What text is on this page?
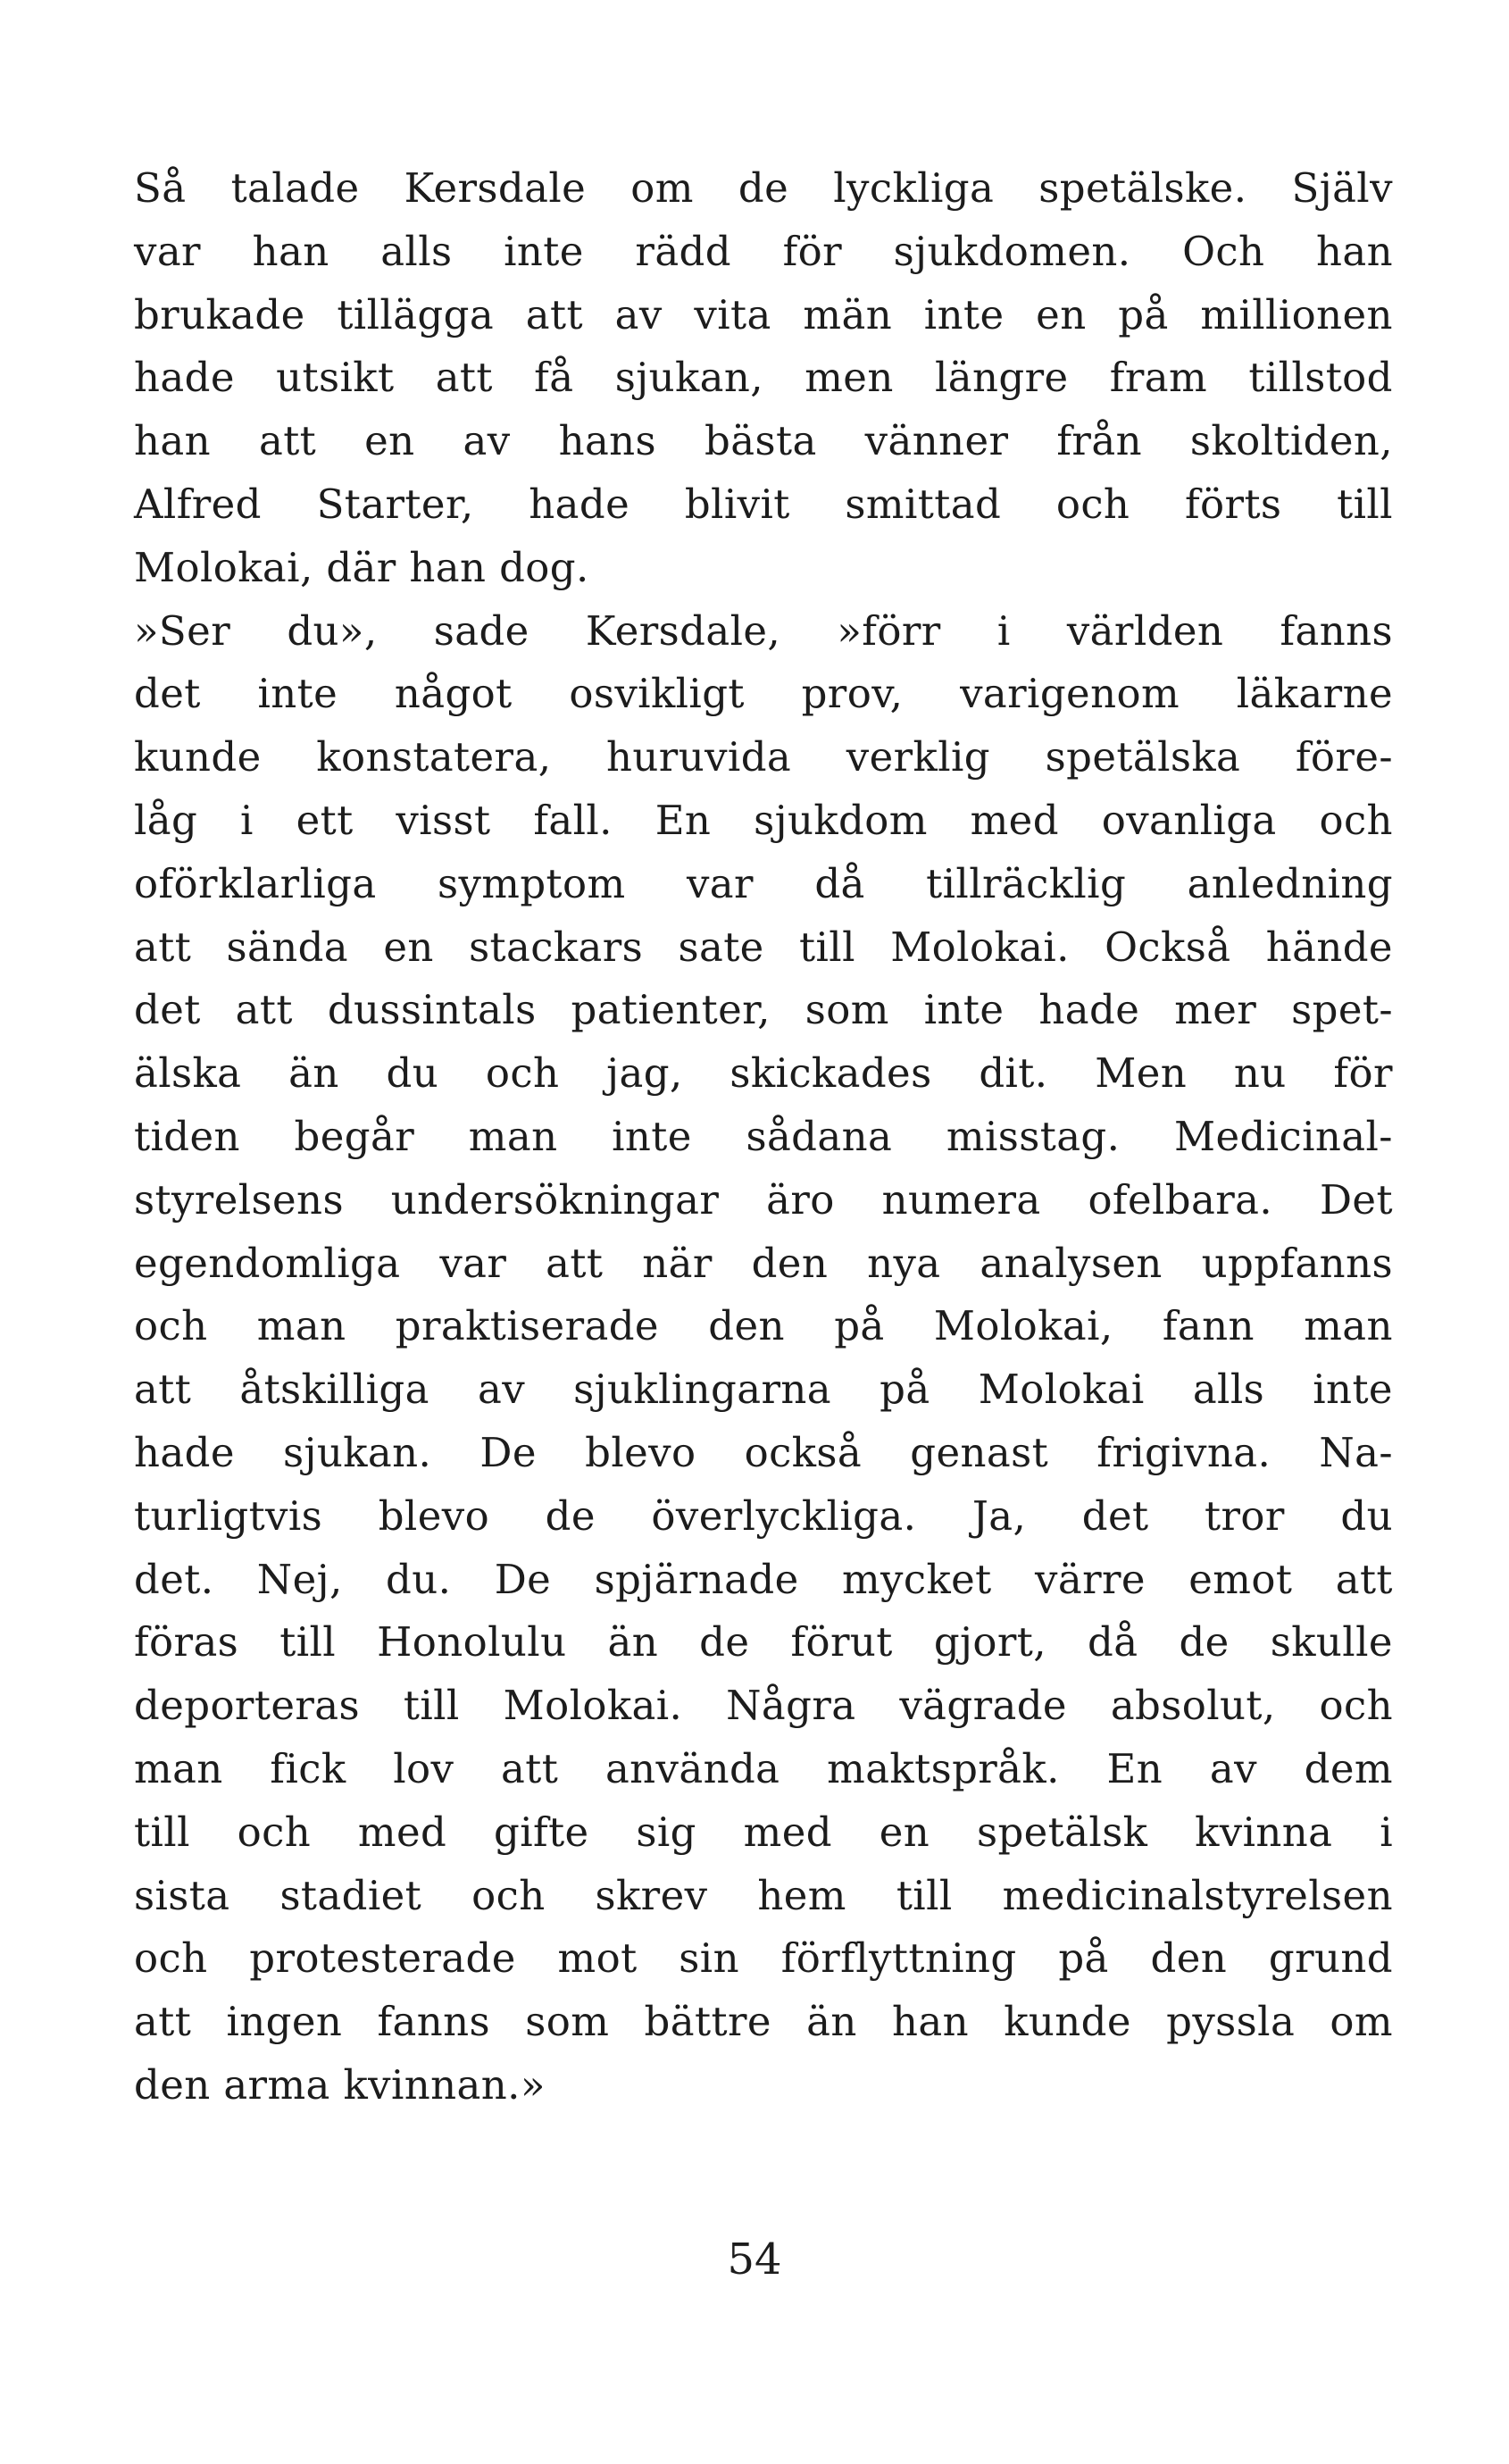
Så talade Kersdale om de lyckliga spetälske. Själv
var han alls inte rädd för sjukdomen. Och han
brukade tillägga att av vita män inte en på millionen
hade utsikt att få sjukan, men längre fram tillstod
han att en av hans bästa vänner från skoltiden,
Alfred Starter, hade blivit smittad och förts till
Molokai, där han dog.
»Ser du», sade Kersdale, »förr i världen fanns
det inte något osvikligt prov, varigenom läkarne
kunde konstatera, huruvida verklig spetälska före-
låg i ett visst fall. En sjukdom med ovanliga och
oförklarliga symptom var då tillräcklig anledning
att sända en stackars sate till Molokai. Också hände
det att dussintals patienter, som inte hade mer spet-
älska än du och jag, skickades dit. Men nu för
tiden begår man inte sådana misstag. Medicinal-
styrelsens undersökningar äro numera ofelbara. Det
egendomliga var att när den nya analysen uppfanns
och man praktiserade den på Molokai, fann man
att åtskilliga av sjuklingarna på Molokai alls inte
hade sjukan. De blevo också genast frigivna. Na-
turligtvis blevo de överlyckliga. Ja, det tror du
det. Nej, du. De spjärnade mycket värre emot att
föras till Honolulu än de förut gjort, då de skulle
deporteras till Molokai. Några vägrade absolut, och
man fick lov att använda maktspråk. En av dem
till och med gifte sig med en spetälsk kvinna i
sista stadiet och skrev hem till medicinalstyrelsen
och protesterade mot sin förflyttning på den grund
att ingen fanns som bättre än han kunde pyssla om
den arma kvinnan.»
54
